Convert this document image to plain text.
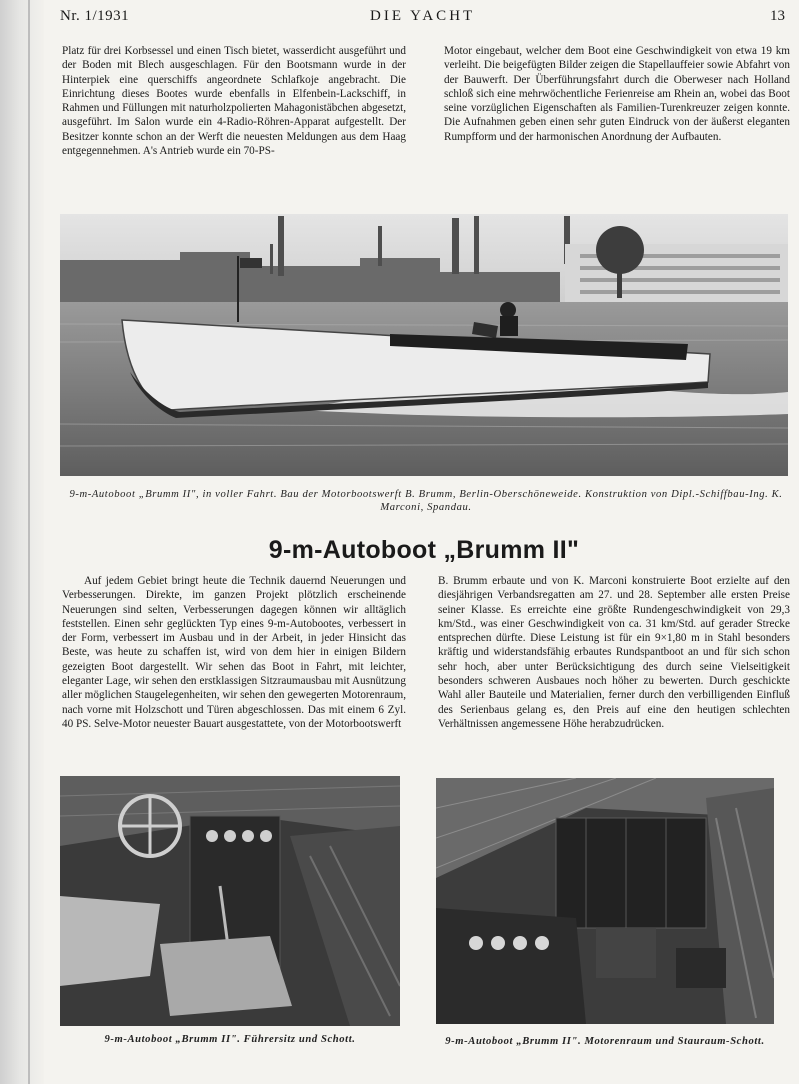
Nr. 1/1931	DIE YACHT	13

Platz für drei Korbsessel und einen Tisch bietet, wasserdicht ausgeführt und der Boden mit Blech ausgeschlagen. Für den Bootsmann wurde in der Hinterpiek eine querschiffs angeordnete Schlafkoje angebracht. Die Einrichtung dieses Bootes wurde ebenfalls in Elfenbein-Lackschiff, in Rahmen und Füllungen mit naturholzpolierten Mahagonistäbchen abgesetzt, ausgeführt. Im Salon wurde ein 4-Radio-Röhren-Apparat aufgestellt. Der Besitzer konnte schon an der Werft die neuesten Meldungen aus dem Haag entgegennehmen. A's Antrieb wurde ein 70-PS-

Motor eingebaut, welcher dem Boot eine Geschwindigkeit von etwa 19 km verleiht. Die beigefügten Bilder zeigen die Stapellauffeier sowie Abfahrt von der Bauwerft. Der Überführungsfahrt durch die Oberweser nach Holland schloß sich eine mehrwöchentliche Ferienreise am Rhein an, wobei das Boot seine vorzüglichen Eigenschaften als Familien-Turenkreuzer zeigen konnte. Die Aufnahmen geben einen sehr guten Eindruck von der äußerst eleganten Rumpfform und der harmonischen Anordnung der Aufbauten.

9-m-Autoboot „Brumm II", in voller Fahrt. Bau der Motorbootswerft B. Brumm, Berlin-Oberschöneweide. Konstruktion von Dipl.-Schiffbau-Ing. K. Marconi, Spandau.
9-m-Autoboot „Brumm II"

Auf jedem Gebiet bringt heute die Technik dauernd Neuerungen und Verbesserungen. Direkte, im ganzen Projekt plötzlich erscheinende Neuerungen sind selten, Verbesserungen dagegen können wir alltäglich feststellen. Einen sehr geglückten Typ eines 9-m-Autobootes, verbessert in der Form, verbessert im Ausbau und in der Arbeit, in jeder Hinsicht das Beste, was heute zu schaffen ist, wird von dem hier in einigen Bildern gezeigten Boot dargestellt. Wir sehen das Boot in Fahrt, mit leichter, eleganter Lage, wir sehen den erstklassigen Sitzraumausbau mit Ausnützung aller möglichen Staugelegenheiten, wir sehen den gewegerten Motorenraum, nach vorne mit Holzschott und Türen abgeschlossen. Das mit einem 6 Zyl. 40 PS. Selve-Motor neuester Bauart ausgestattete, von der Motorbootswerft

B. Brumm erbaute und von K. Marconi konstruierte Boot erzielte auf den diesjährigen Verbandsregatten am 27. und 28. September alle ersten Preise seiner Klasse. Es erreichte eine größte Rundengeschwindigkeit von 29,3 km/Std., was einer Geschwindigkeit von ca. 31 km/Std. auf gerader Strecke entsprechen dürfte. Diese Leistung ist für ein 9×1,80 m in Stahl besonders kräftig und widerstandsfähig erbautes Rundspantboot an und für sich schon sehr hoch, aber unter Berücksichtigung des durch seine Vielseitigkeit besonders schweren Ausbaues noch höher zu bewerten. Durch geschickte Wahl aller Bauteile und Materialien, ferner durch den verbilligenden Einfluß des Serienbaus gelang es, den Preis auf eine den heutigen schlechten Verhältnissen angemessene Höhe herabzudrücken.

9-m-Autoboot „Brumm II". Führersitz und Schott.	9-m-Autoboot „Brumm II". Motorenraum und Stauraum-Schott.
